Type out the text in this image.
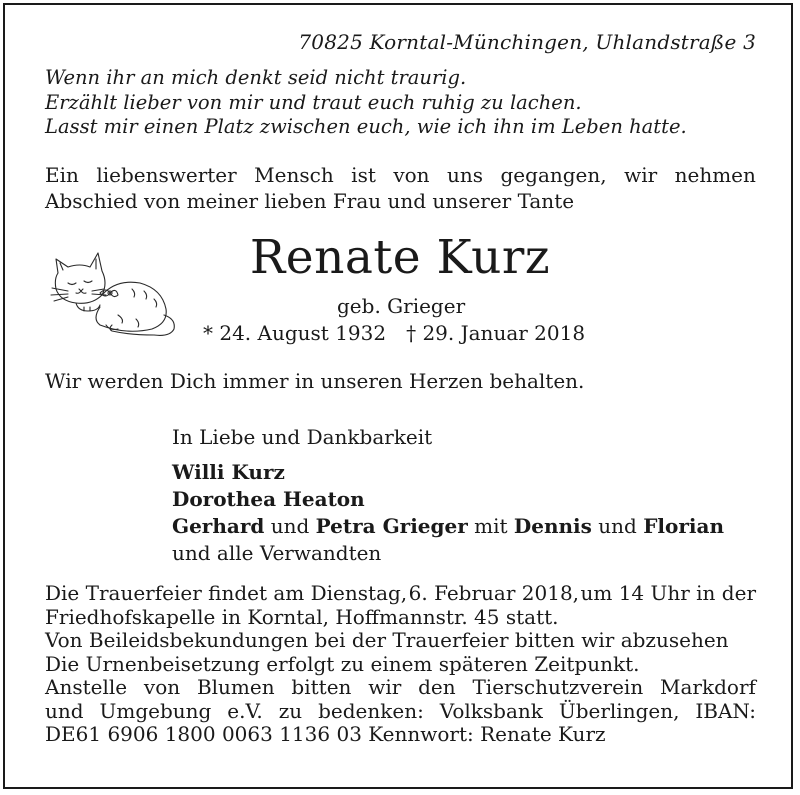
70825 Korntal-Münchingen, Uhlandstraße 3
Wenn ihr an mich denkt seid nicht traurig.
Erzählt lieber von mir und traut euch ruhig zu lachen.
Lasst mir einen Platz zwischen euch, wie ich ihn im Leben hatte.
Ein liebenswerter Mensch ist von uns gegangen, wir nehmen
Abschied von meiner lieben Frau und unserer Tante
Renate Kurz
geb. Grieger
* 24. August 1932 † 29. Januar 2018
Wir werden Dich immer in unseren Herzen behalten.
In Liebe und Dankbarkeit
Willi Kurz
Dorothea Heaton
Gerhard und Petra Grieger mit Dennis und Florian
und alle Verwandten
Die Trauerfeier findet am Dienstag, 6. Februar 2018, um 14 Uhr in der
Friedhofskapelle in Korntal, Hoffmannstr. 45 statt.
Von Beileidsbekundungen bei der Trauerfeier bitten wir abzusehen
Die Urnenbeisetzung erfolgt zu einem späteren Zeitpunkt.
Anstelle von Blumen bitten wir den Tierschutzverein Markdorf
und Umgebung e.V. zu bedenken: Volksbank Überlingen, IBAN:
DE61 6906 1800 0063 1136 03 Kennwort: Renate Kurz
